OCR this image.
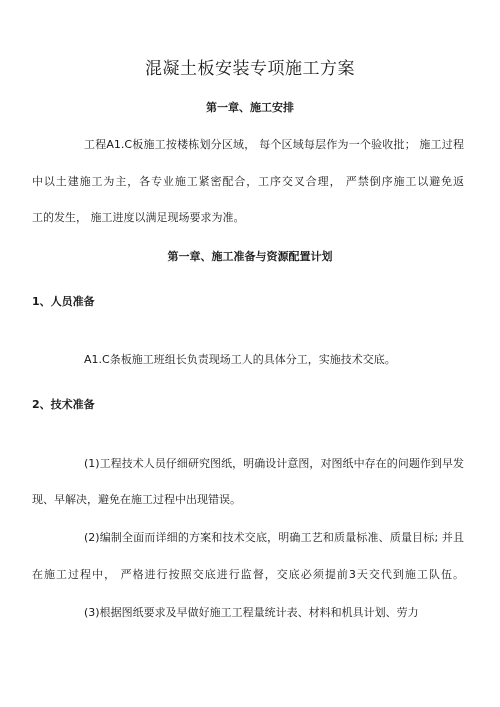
混凝土板安装专项施工方案
第一章、施工安排
工程A1.C板施工按楼栋划分区域， 每个区域每层作为一个验收批； 施工过程
中以土建施工为主，各专业施工紧密配合，工序交叉合理， 严禁倒序施工以避免返
工的发生， 施工进度以满足现场要求为准。
第一章、施工准备与资源配置计划
1、人员准备
A1.C条板施工班组长负责现场工人的具体分工，实施技术交底。
2、技术准备
(1)工程技术人员仔细研究图纸，明确设计意图，对图纸中存在的问题作到早发
现、早解决，避免在施工过程中出现错误。
(2)编制全面而详细的方案和技术交底，明确工艺和质量标准、质量目标; 并且
在施工过程中， 严格进行按照交底进行监督，交底必须提前3天交代到施工队伍。
(3)根据图纸要求及早做好施工工程量统计表、材料和机具计划、劳力
